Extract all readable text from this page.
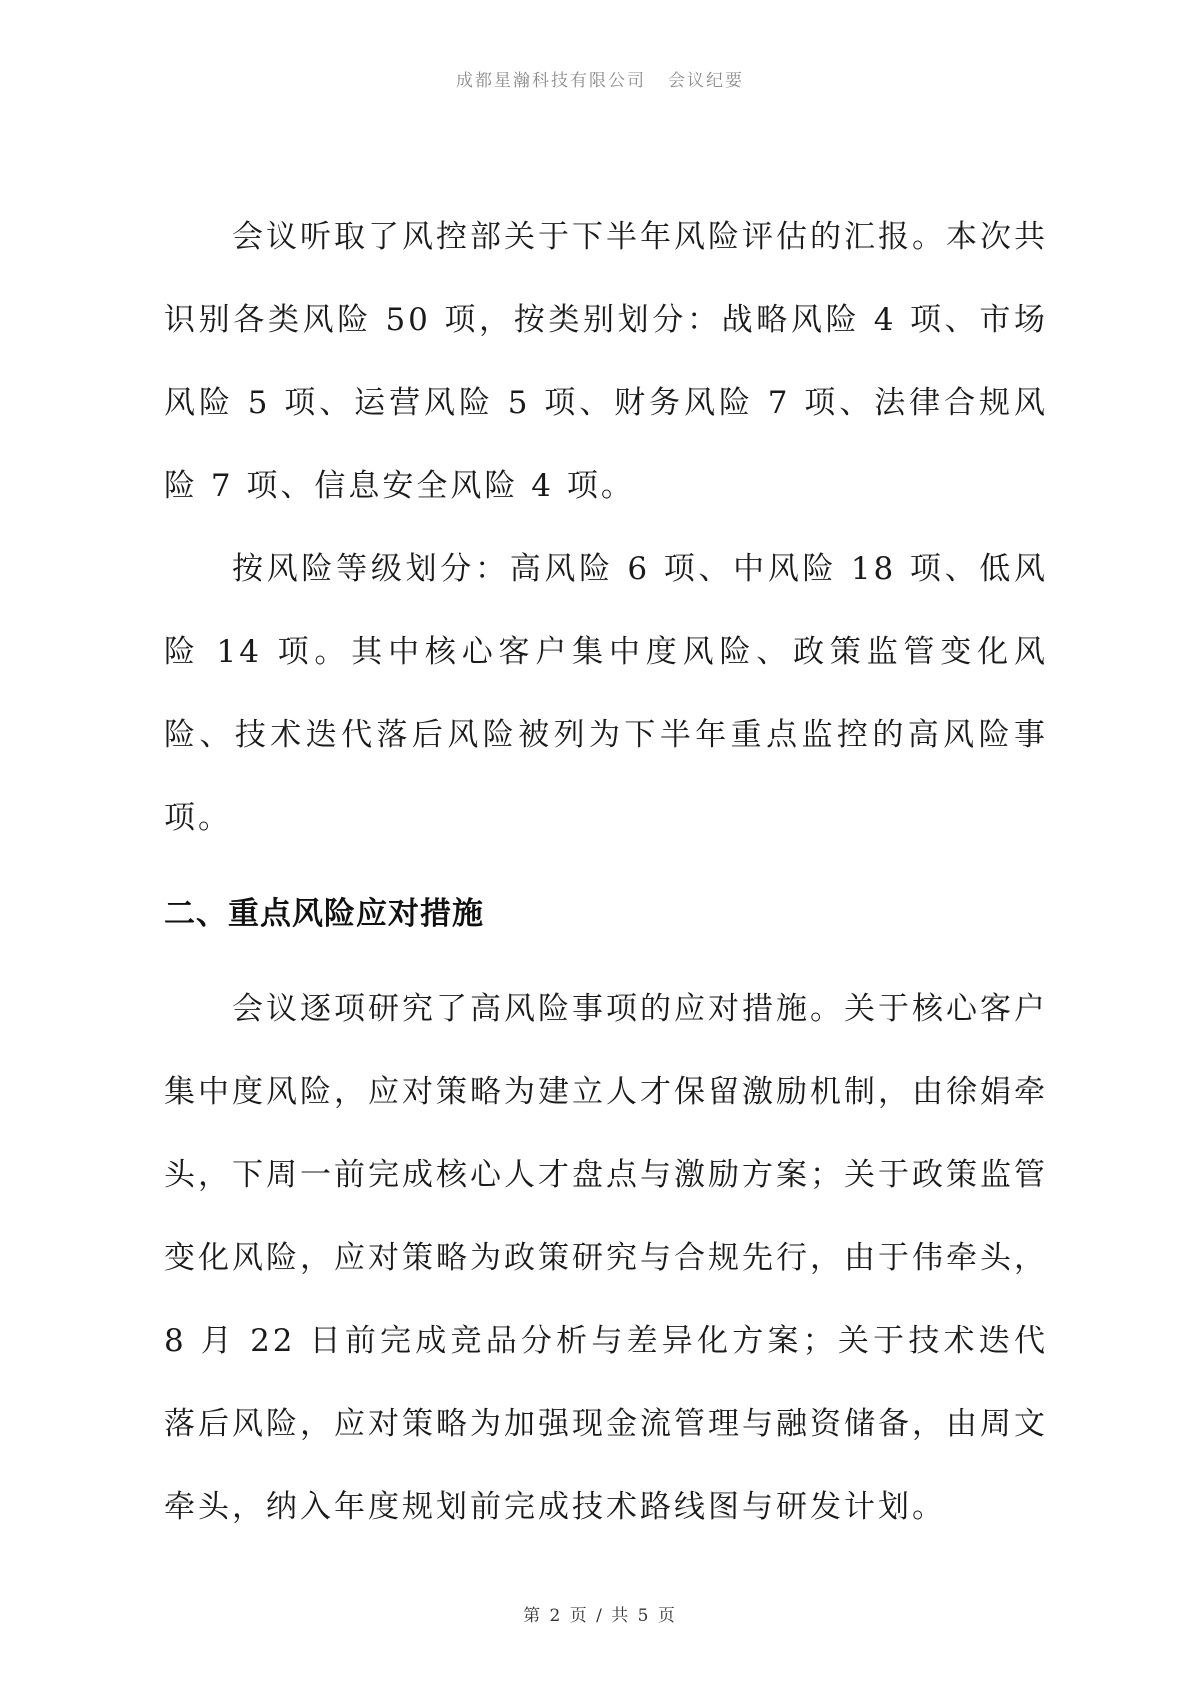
成都星瀚科技有限公司 会议纪要

会议听取了风控部关于下半年风险评估的汇报。本次共识别各类风险 50 项，按类别划分：战略风险 4 项、市场风险 5 项、运营风险 5 项、财务风险 7 项、法律合规风险 7 项、信息安全风险 4 项。

按风险等级划分：高风险 6 项、中风险 18 项、低风险 14 项。其中核心客户集中度风险、政策监管变化风险、技术迭代落后风险被列为下半年重点监控的高风险事项。

二、重点风险应对措施

会议逐项研究了高风险事项的应对措施。关于核心客户集中度风险，应对策略为建立人才保留激励机制，由徐娟牵头，下周一前完成核心人才盘点与激励方案；关于政策监管变化风险，应对策略为政策研究与合规先行，由于伟牵头，8 月 22 日前完成竞品分析与差异化方案；关于技术迭代落后风险，应对策略为加强现金流管理与融资储备，由周文牵头，纳入年度规划前完成技术路线图与研发计划。

第 2 页 / 共 5 页
